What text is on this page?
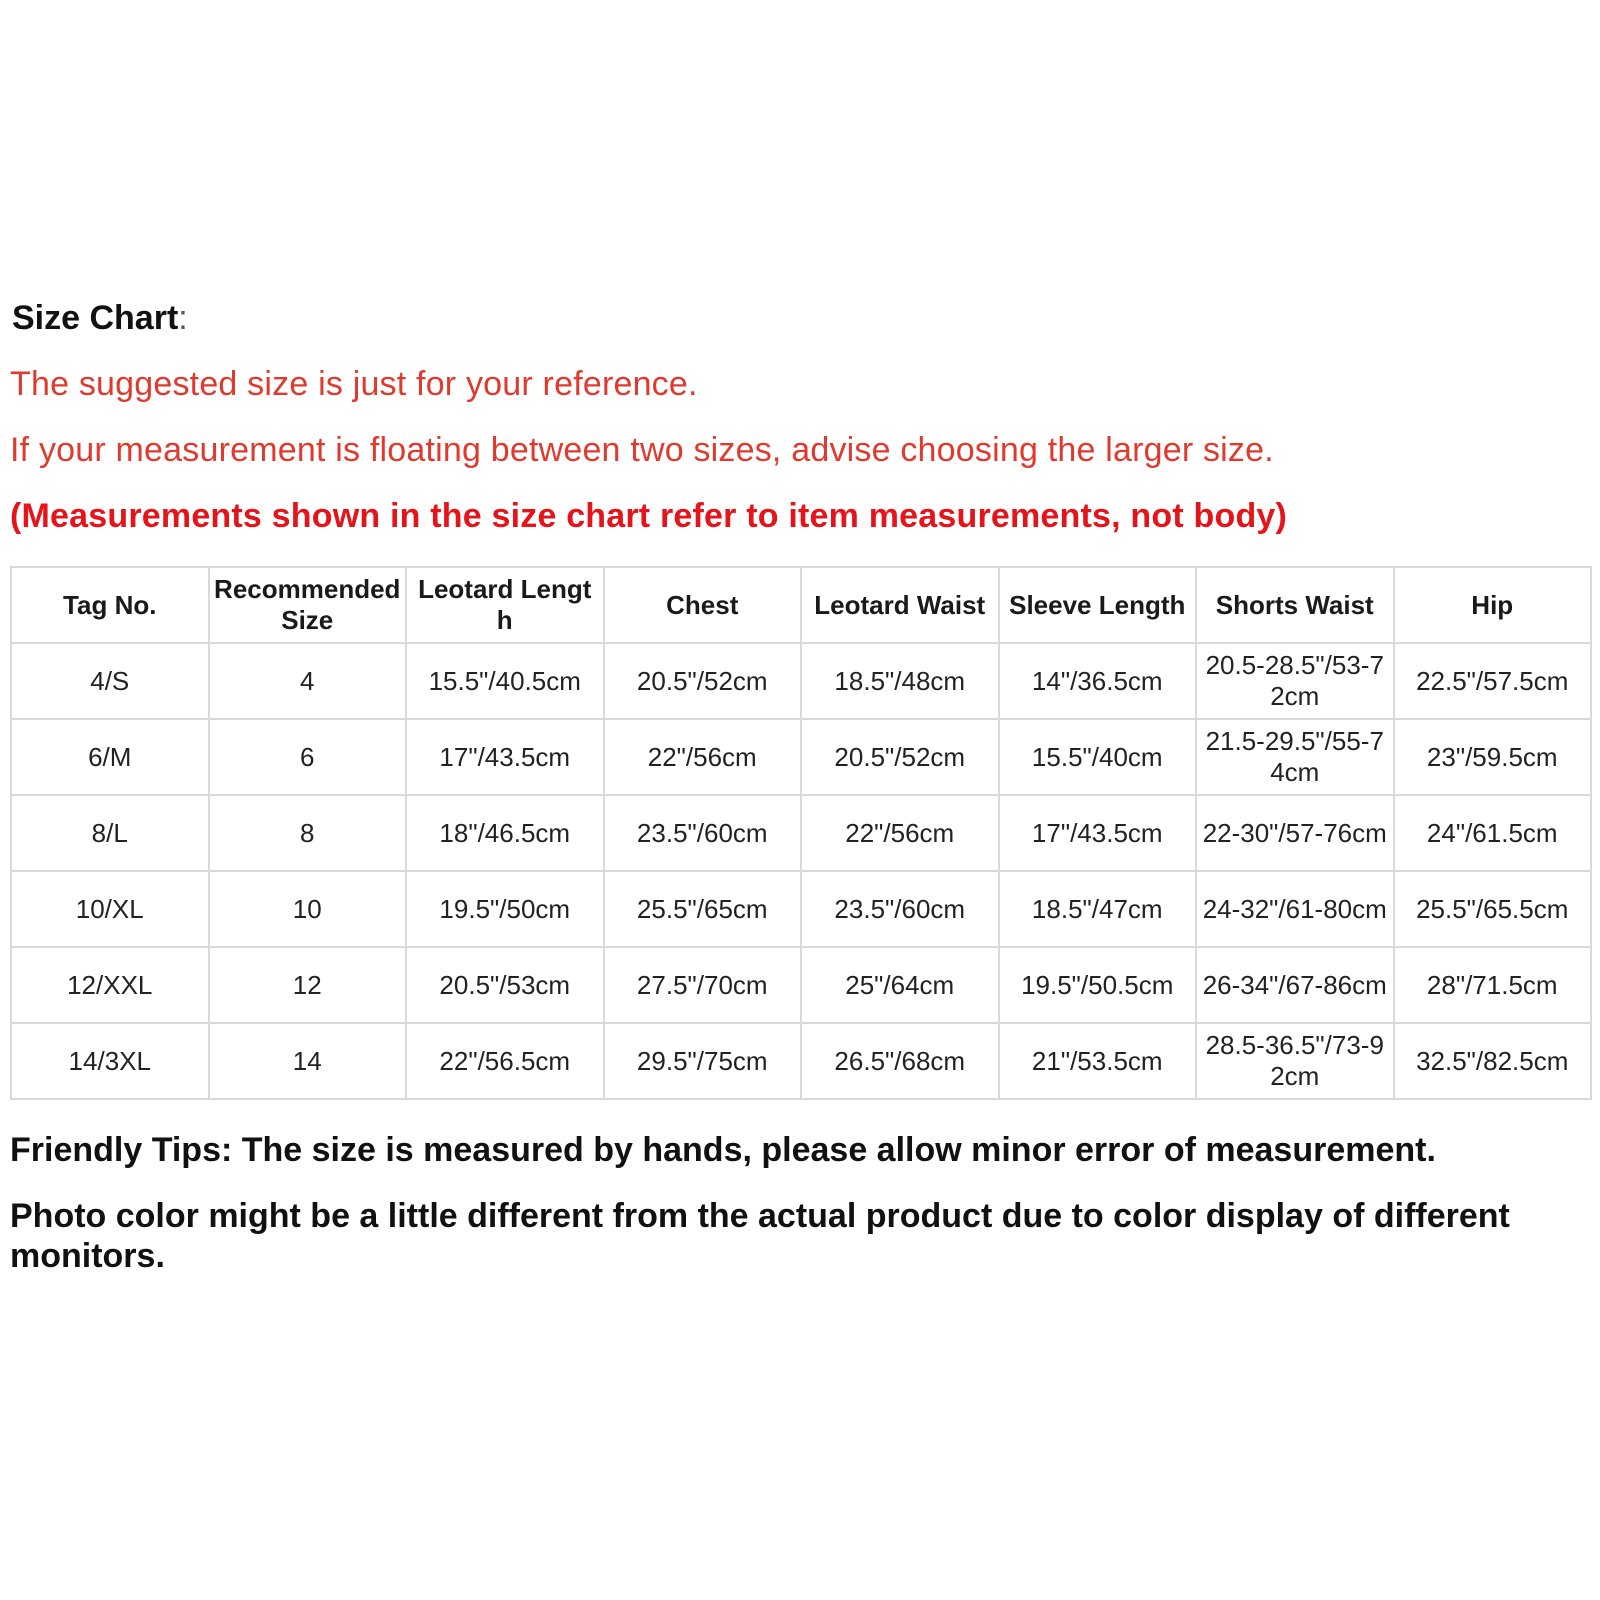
Size Chart:
The suggested size is just for your reference.
If your measurement is floating between two sizes, advise choosing the larger size.
(Measurements shown in the size chart refer to item measurements, not body)
Tag No.	Recommended Size	Leotard Length	Chest	Leotard Waist	Sleeve Length	Shorts Waist	Hip
4/S	4	15.5"/40.5cm	20.5"/52cm	18.5"/48cm	14"/36.5cm	20.5-28.5"/53-72cm	22.5"/57.5cm
6/M	6	17"/43.5cm	22"/56cm	20.5"/52cm	15.5"/40cm	21.5-29.5"/55-74cm	23"/59.5cm
8/L	8	18"/46.5cm	23.5"/60cm	22"/56cm	17"/43.5cm	22-30"/57-76cm	24"/61.5cm
10/XL	10	19.5"/50cm	25.5"/65cm	23.5"/60cm	18.5"/47cm	24-32"/61-80cm	25.5"/65.5cm
12/XXL	12	20.5"/53cm	27.5"/70cm	25"/64cm	19.5"/50.5cm	26-34"/67-86cm	28"/71.5cm
14/3XL	14	22"/56.5cm	29.5"/75cm	26.5"/68cm	21"/53.5cm	28.5-36.5"/73-92cm	32.5"/82.5cm
Friendly Tips: The size is measured by hands, please allow minor error of measurement.
Photo color might be a little different from the actual product due to color display of different monitors.
